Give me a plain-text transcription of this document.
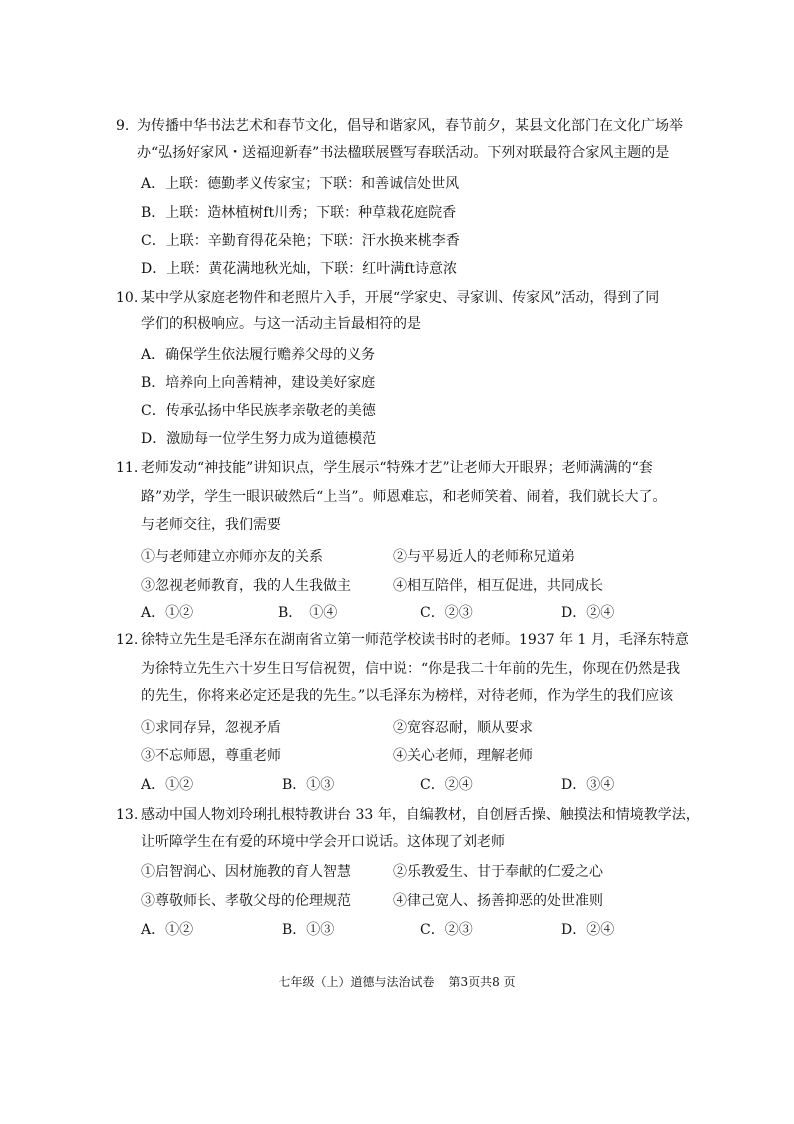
9. 为传播中华书法艺术和春节文化，倡导和谐家风，春节前夕，某县文化部门在文化广场举
办“弘扬好家风・送福迎新春”书法楹联展暨写春联活动。下列对联最符合家风主题的是
A．上联：德勤孝义传家宝；下联：和善诚信处世风
B．上联：造林植树ft川秀；下联：种草栽花庭院香
C．上联：辛勤育得花朵艳；下联：汗水换来桃李香
D．上联：黄花满地秋光灿，下联：红叶满ft诗意浓
10. 某中学从家庭老物件和老照片入手，开展“学家史、寻家训、传家风”活动，得到了同
学们的积极响应。与这一活动主旨最相符的是
A．确保学生依法履行赡养父母的义务
B．培养向上向善精神，建设美好家庭
C．传承弘扬中华民族孝亲敬老的美德
D．激励每一位学生努力成为道德模范
11. 老师发动“神技能”讲知识点，学生展示“特殊才艺”让老师大开眼界；老师满满的“套
路”劝学，学生一眼识破然后“上当”。师恩难忘，和老师笑着、闹着，我们就长大了。
与老师交往，我们需要
①与老师建立亦师亦友的关系	②与平易近人的老师称兄道弟
③忽视老师教育，我的人生我做主	④相互陪伴，相互促进，共同成长
A．①②	B．　①④	C．②③	D．②④
12. 徐特立先生是毛泽东在湖南省立第一师范学校读书时的老师。1937 年 1 月，毛泽东特意
为徐特立先生六十岁生日写信祝贺，信中说：“你是我二十年前的先生，你现在仍然是我
的先生，你将来必定还是我的先生。”以毛泽东为榜样，对待老师，作为学生的我们应该
①求同存异，忽视矛盾	②宽容忍耐，顺从要求
③不忘师恩，尊重老师	④关心老师，理解老师
A．①②	B．①③	C．②④	D．③④
13. 感动中国人物刘玲琍扎根特教讲台 33 年，自编教材，自创唇舌操、触摸法和情境教学法，
让听障学生在有爱的环境中学会开口说话。这体现了刘老师
①启智润心、因材施教的育人智慧	②乐教爱生、甘于奉献的仁爱之心
③尊敬师长、孝敬父母的伦理规范	④律己宽人、扬善抑恶的处世准则
A．①②	B．①③	C．②③	D．②④
七年级（上）道德与法治试卷 第3页共8 页
